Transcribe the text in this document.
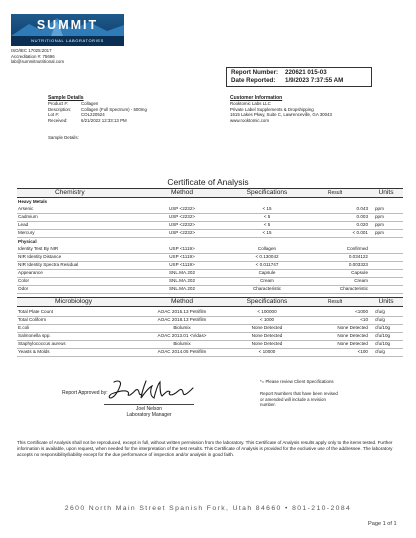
SUMMIT
NUTRITIONAL LABORATORIES
ISO/IEC 17025:2017
Accreditation #: 75696
lab@summitnutritional.com
Report Number: 220621 015-03
Date Reported: 1/9/2023 7:37:55 AM
Sample Details
Product #:	Collagen
Description: Collagen (Full Spectrum) - 500mg
Lot #:	COL220524
Received:	6/21/2022 12:33:13 PM
Sample Details:
Customer Information
Rooktomic Labs LLC
Private Label Supplements & Dropshipping
1615 Lakes Pkwy, Suite C, Lawrenceville, GA 30043
www.rooktomic.com
Certificate of Analysis
Chemistry	Method	Specifications	Result	Units
Heavy Metals
Arsenic	USP <2232>	< 15	0.043 ppm
Cadmium	USP <2232>	< 5	0.003 ppm
Lead	USP <2232>	< 5	0.020 ppm
Mercury	USP <2232>	< 15	< 0.001 ppm
Physical
Identity Test By NIR	USP <1119>	Collagen	Confirmed
NIR Identity Distance	USP <1119>	< 0.130042	0.034122
NIR Identity Spectra Residual	USP <1119>	< 0.011747	0.003323
Appearance	SNL.MA.202	Capsule	Capsule
Color	SNL.MA.202	Cream	Cream
Odor	SNL.MA.202	Characteristic	Characteristic
Microbiology	Method	Specifications	Result	Units
Total Plate Count	AOAC 2015.13 Petrifilm	< 100000	<1000 cfu/g
Total Coliform	AOAC 2018.13 Petrifilm	< 1000	<10 cfu/g
E.coli	Biolumix	None Detected	None Detected cfu/10g
Salmonella spp.	AOAC 2013.01 <Vidas>	None Detected	None Detected cfu/10g
Staphylococcus aureus	Biolumix	None Detected	None Detected cfu/10g
Yeasts & Molds	AOAC 2014.05 Petrifilm	< 10000	<100 cfu/g
Report Approved by:
Joel Nelson
Laboratory Manager
*= Please review Client Specifications
Report Numbers that have been revised or amended will include a revision number.
This Certificate of Analysis shall not be reproduced, except in full, without written permission from the laboratory. This Certificate of Analysis results apply only to the items tested. Further information is available, upon request, when needed for the interpretation of the test results. This Certificate of Analysis is provided for the exclusive use of the addressee. The laboratory accepts no responsibility/liability except for the due performance of inspection and/or analysis in good faith.
2600 North Main Street Spanish Fork, Utah 84660 • 801-210-2084
Page 1 of 1
